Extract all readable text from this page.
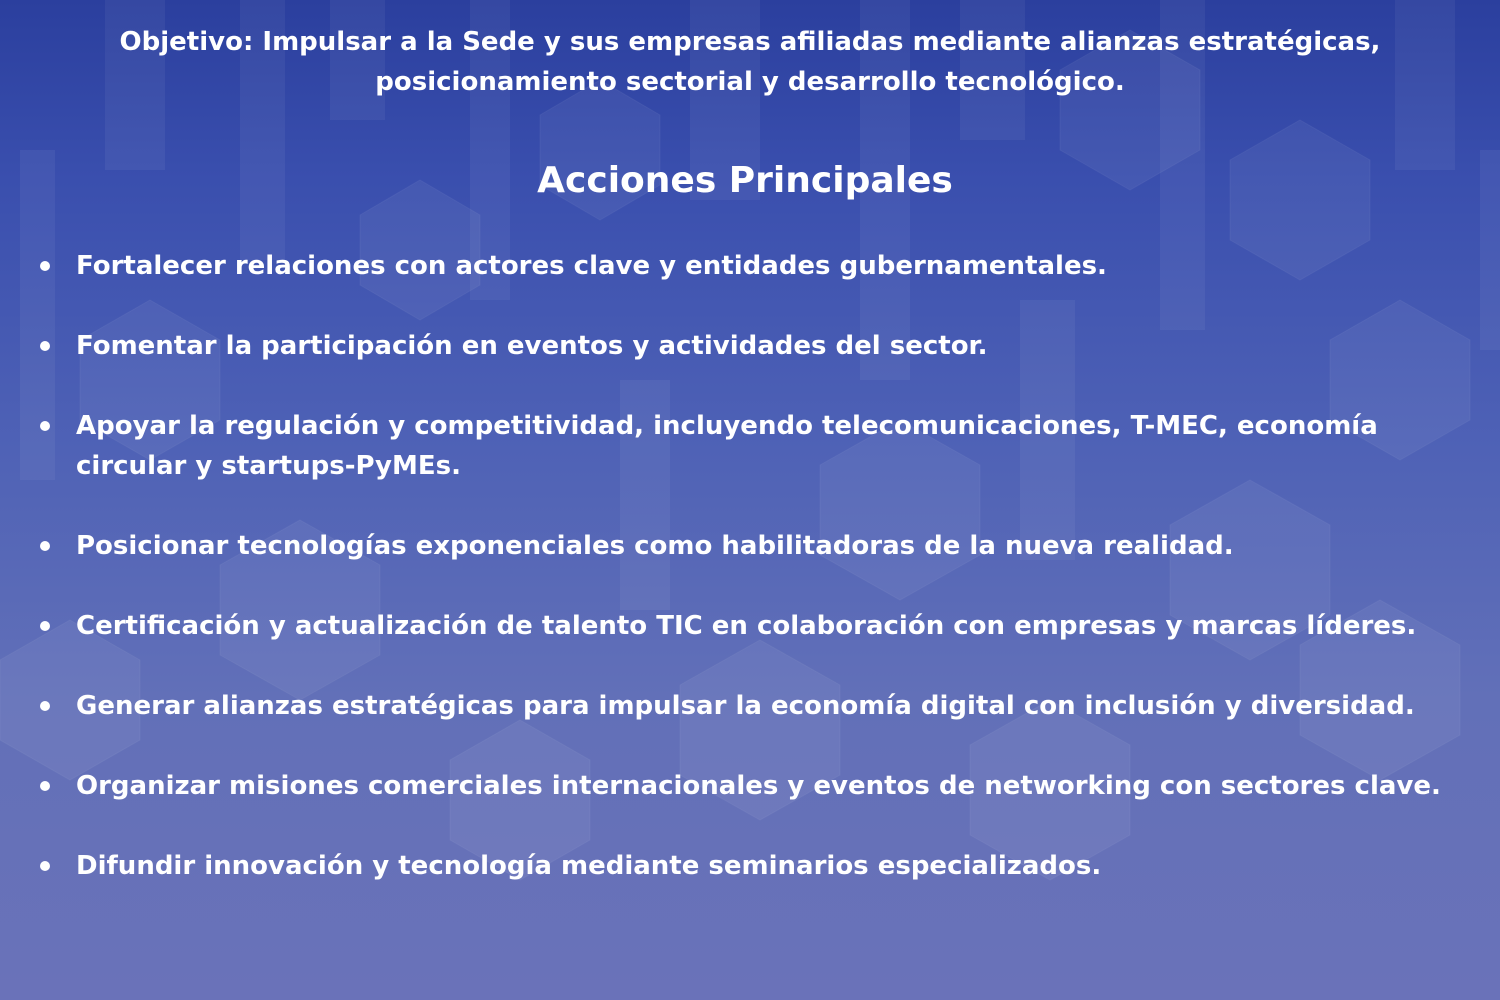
Objetivo: Impulsar a la Sede y sus empresas afiliadas mediante alianzas estratégicas, posicionamiento sectorial y desarrollo tecnológico.
Acciones Principales
Fortalecer relaciones con actores clave y entidades gubernamentales.
Fomentar la participación en eventos y actividades del sector.
Apoyar la regulación y competitividad, incluyendo telecomunicaciones, T-MEC, economía circular y startups-PyMEs.
Posicionar tecnologías exponenciales como habilitadoras de la nueva realidad.
Certificación y actualización de talento TIC en colaboración con empresas y marcas líderes.
Generar alianzas estratégicas para impulsar la economía digital con inclusión y diversidad.
Organizar misiones comerciales internacionales y eventos de networking con sectores clave.
Difundir innovación y tecnología mediante seminarios especializados.
